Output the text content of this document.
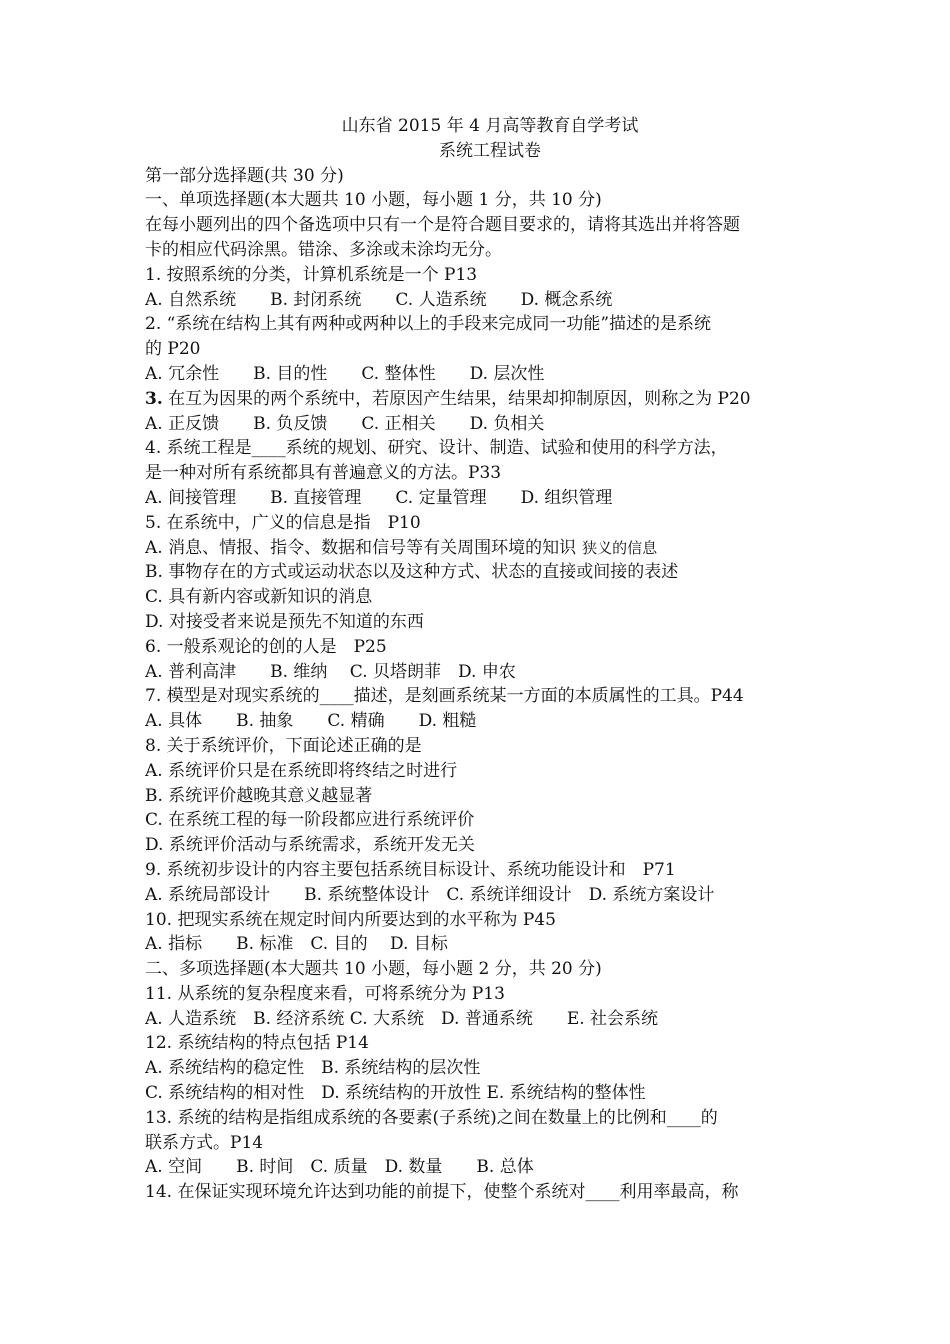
山东省 2015 年 4 月高等教育自学考试
系统工程试卷
第一部分选择题(共 30 分)
一、单项选择题(本大题共 10 小题，每小题 1 分，共 10 分)
在每小题列出的四个备选项中只有一个是符合题目要求的，请将其选出并将答题
卡的相应代码涂黑。错涂、多涂或未涂均无分。
1. 按照系统的分类，计算机系统是一个 P13
A. 自然系统　　B. 封闭系统　　C. 人造系统　　D. 概念系统
2. “系统在结构上其有两种或两种以上的手段来完成同一功能”描述的是系统
的 P20
A. 冗余性　　B. 目的性　　C. 整体性　　D. 层次性
3. 在互为因果的两个系统中，若原因产生结果，结果却抑制原因，则称之为 P20
A. 正反馈　　B. 负反馈　　C. 正相关　　D. 负相关
4. 系统工程是____系统的规划、研究、设计、制造、试验和使用的科学方法，
是一种对所有系统都具有普遍意义的方法。P33
A. 间接管理　　B. 直接管理　　C. 定量管理　　D. 组织管理
5. 在系统中，广义的信息是指　P10
A. 消息、情报、指令、数据和信号等有关周围环境的知识 狭义的信息
B. 事物存在的方式或运动状态以及这种方式、状态的直接或间接的表述
C. 具有新内容或新知识的消息
D. 对接受者来说是预先不知道的东西
6. 一般系观论的创的人是　P25
A. 普利高津　　B. 维纳　 C. 贝塔朗菲　D. 申农
7. 模型是对现实系统的____描述，是刻画系统某一方面的本质属性的工具。P44
A. 具体　　B. 抽象　　C. 精确　　D. 粗糙
8. 关于系统评价，下面论述正确的是
A. 系统评价只是在系统即将终结之时进行
B. 系统评价越晚其意义越显著
C. 在系统工程的每一阶段都应进行系统评价
D. 系统评价活动与系统需求，系统开发无关
9. 系统初步设计的内容主要包括系统目标设计、系统功能设计和　P71
A. 系统局部设计　　B. 系统整体设计　C. 系统详细设计　D. 系统方案设计
10. 把现实系统在规定时间内所要达到的水平称为 P45
A. 指标　　B. 标准　C. 目的　 D. 目标
二、多项选择题(本大题共 10 小题，每小题 2 分，共 20 分)
11. 从系统的复杂程度来看，可将系统分为 P13
A. 人造系统　B. 经济系统 C. 大系统　D. 普通系统　　E. 社会系统
12. 系统结构的特点包括 P14
A. 系统结构的稳定性　B. 系统结构的层次性
C. 系统结构的相对性　D. 系统结构的开放性 E. 系统结构的整体性
13. 系统的结构是指组成系统的各要素(子系统)之间在数量上的比例和____的
联系方式。P14
A. 空间　　B. 时间　C. 质量　D. 数量　　B. 总体
14. 在保证实现环境允许达到功能的前提下，使整个系统对____利用率最高，称
